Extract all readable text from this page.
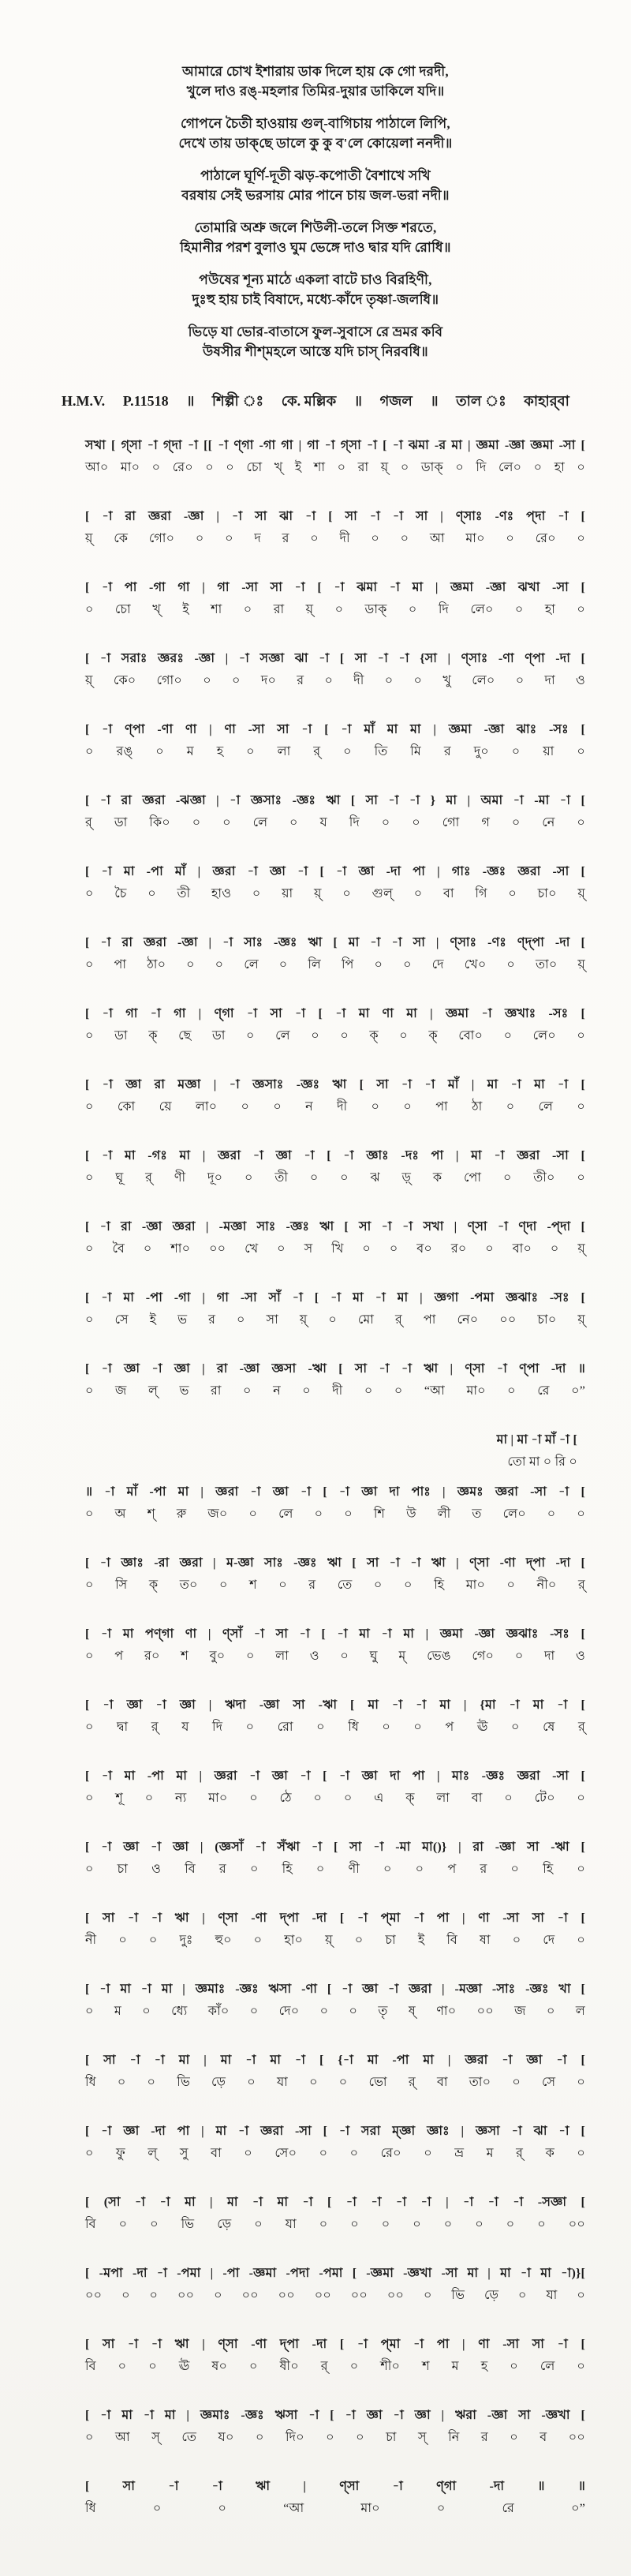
আমারে চোখ ইশারায় ডাক দিলে হায় কে গো দরদী,
খুলে দাও রঙ্‌-মহলার তিমির-দুয়ার ডাকিলে যদি॥
গোপনে চৈতী হাওয়ায় গুল্‌-বাগিচায় পাঠালে লিপি,
দেখে তায় ডাক্‌ছে ডালে কু কু ব'লে কোয়েলা ননদী॥
পাঠালে ঘূর্ণি-দূতী ঝড়-কপোতী বৈশাখে সখি
বরষায় সেই ভরসায় মোর পানে চায় জল-ভরা নদী॥
তোমারি অশ্রু জলে শিউলী-তলে সিক্ত শরতে,
হিমানীর পরশ বুলাও ঘুম ভেঙ্গে দাও দ্বার যদি রোধি॥
পউষের শূন্য মাঠে একলা বাটে চাও বিরহিণী,
দুঃহু হায় চাই বিষাদে, মধ্যে-কাঁদে তৃষ্ণা-জলধি॥
ভিড়ে যা ভোর-বাতাসে ফুল-সুবাসে রে ভ্রমর কবি
উষসীর শীশ্‌মহলে আস্তে যদি চাস্ নিরবধি॥
H.M.V. P.11518 ॥ শিল্পী ঃ কে. মল্লিক ॥ গজল ॥ তাল ঃ কাহার্‌বা
সখা [ গ্‌সা -া গ্‌দা -া [[ -া ণ্‌গা -গা গা | গা -া গ্‌সা -া [ -া ঝমা -র মা | জ্ঞমা -জ্ঞা জ্ঞমা -সা [
আ০ মা০ ০ রে০ ০ ০ চো খ্ ই শা ০ রা য়্ ০ ডাক্ ০ দি লে০ ০ হা ০
[ -া রা জ্ঞরা -জ্ঞা | -া সা ঝা -া [ সা -া -া সা | ণ্‌সাঃ -ণঃ প্‌দা -া [
য়্ কে গো০ ০ ০ দ র ০ দী ০ ০ আ মা০ ০ রে০ ০
[ -া পা -গা গা | গা -সা সা -া [ -া ঝমা -া মা | জ্ঞমা -জ্ঞা ঝখা -সা [
০ চো খ্ ই শা ০ রা য়্ ০ ডাক্ ০ দি লে০ ০ হা ০
[ -া সরাঃ জ্ঞরঃ -জ্ঞা | -া সজ্ঞা ঝা -া [ সা -া -া {সা | ণ্‌সাঃ -ণা ণ্‌পা -দা [
য়্ কে০ গো০ ০ ০ দ০ র ০ দী ০ ০ খু লে০ ০ দা ও
[ -া ণ্‌পা -ণা ণা | ণা -সা সা -া [ -া মাঁ মা মা | জ্ঞমা -জ্ঞা ঝাঃ -সঃ [
০ রঙ্ ০ ম হ ০ লা র্ ০ তি মি র দু০ ০ য়া ০
[ -া রা জ্ঞরা -ঝজ্ঞা | -া জ্ঞসাঃ -জ্ঞঃ ঋা [ সা -া -া } মা | অমা -া -মা -া [
র্ ডা কি০ ০ ০ লে ০ য দি ০ ০ গো গ ০ নে ০
[ -া মা -পা মাঁ | জ্ঞরা -া জ্ঞা -া [ -া জ্ঞা -দা পা | গাঃ -জ্ঞঃ জ্ঞরা -সা [
০ চৈ ০ তী হাও ০ য়া য়্ ০ গুল্ ০ বা গি ০ চা০ য়্
[ -া রা জ্ঞরা -জ্ঞা | -া সাঃ -জ্ঞঃ ঋা [ মা -া -া সা | ণ্‌সাঃ -ণঃ ণ্‌দ্‌পা -দা [
০ পা ঠা০ ০ ০ লে ০ লি পি ০ ০ দে খে০ ০ তা০ য়্
[ -া গা -া গা | ণ্‌গা -া সা -া [ -া মা ণা মা | জ্ঞমা -া জ্ঞখাঃ -সঃ [
০ ডা ক্ ছে ডা ০ লে ০ ০ ক্ ০ ক্ বো০ ০ লে০ ০
[ -া জ্ঞা রা মজ্ঞা | -া জ্ঞসাঃ -জ্ঞঃ ঋা [ সা -া -া মাঁ | মা -া মা -া [
০ কো য়ে লা০ ০ ০ ন দী ০ ০ পা ঠা ০ লে ০
[ -া মা -গঃ মা | জ্ঞরা -া জ্ঞা -া [ -া জ্ঞাঃ -দঃ পা | মা -া জ্ঞরা -সা [
০ ঘূ র্ ণী দূ০ ০ তী ০ ০ ঝ ড়্ ক পো ০ তী০ ০
[ -া রা -জ্ঞা জ্ঞরা | -মজ্ঞা সাঃ -জ্ঞঃ ঋা [ সা -া -া সখা | ণ্‌সা -া ণ্‌দা -প্‌দা [
০ বৈ ০ শা০ ০০ খে ০ স খি ০ ০ ব০ র০ ০ বা০ ০ য়্
[ -া মা -পা -গা | গা -সা সাঁ -া [ -া মা -া মা | জ্ঞগা -পমা জ্ঞঝাঃ -সঃ [
০ সে ই ভ র ০ সা য়্ ০ মো র্ পা নে০ ০০ চা০ য়্
[ -া জ্ঞা -া জ্ঞা | রা -জ্ঞা জ্ঞসা -ঋা [ সা -া -া ঋা | ণ্‌সা -া ণ্‌পা -দা ॥
০ জ ল্ ভ রা ০ ন ০ দী ০ ০ “আ মা০ ০ রে ০”
মা | মা -া মাঁ -া [
তো মা ০ রি ০
॥ -া মাঁ -পা মা | জ্ঞরা -া জ্ঞা -া [ -া জ্ঞা দা পাঃ | জ্ঞমঃ জ্ঞরা -সা -া [
০ অ শ্ রু জ০ ০ লে ০ ০ শি উ লী ত লে০ ০ ০
[ -া জ্ঞাঃ -রা জ্ঞরা | ম-জ্ঞা সাঃ -জ্ঞঃ ঋা [ সা -া -া ঋা | ণ্‌সা -ণা দ্‌পা -দা [
০ সি ক্ ত০ ০ শ ০ র তে ০ ০ হি মা০ ০ নী০ র্
[ -া মা পণ্‌গা ণা | ণ্‌সাঁ -া সা -া [ -া মা -া মা | জ্ঞমা -জ্ঞা জ্ঞঝাঃ -সঃ [
০ প র০ শ বু০ ০ লা ও ০ ঘু ম্ ভেঙ গে০ ০ দা ও
[ -া জ্ঞা -া জ্ঞা | ঋদা -জ্ঞা সা -ঋা [ মা -া -া মা | {মা -া মা -া [
০ দ্বা র্ য দি ০ রো ০ ধি ০ ০ প ঊ ০ ষে র্
[ -া মা -পা মা | জ্ঞরা -া জ্ঞা -া [ -া জ্ঞা দা পা | মাঃ -জ্ঞঃ জ্ঞরা -সা [
০ শূ ০ ন্য মা০ ০ ঠে ০ ০ এ ক্ লা বা ০ টে০ ০
[ -া জ্ঞা -া জ্ঞা | (জ্ঞসাঁ -া সঁঋা -া [ সা -া -মা মা()} | রা -জ্ঞা সা -ঋা [
০ চা ও বি র ০ হি ০ ণী ০ ০ প র ০ হি ০
[ সা -া -া ঋা | ণ্‌সা -ণা দ্‌পা -দা [ -া প্‌মা -া পা | ণা -সা সা -া [
নী ০ ০ দুঃ হু০ ০ হা০ য়্ ০ চা ই বি ষা ০ দে ০
[ -া মা -া মা | জ্ঞমাঃ -জ্ঞঃ ঋসা -ণা [ -া জ্ঞা -া জ্ঞরা | -মজ্ঞা -সাঃ -জ্ঞঃ খা [
০ ম ০ ধ্যে কাঁ০ ০ দে০ ০ ০ তৃ ষ্ ণা০ ০০ জ ০ ল
[ সা -া -া মা | মা -া মা -া [ {-া মা -পা মা | জ্ঞরা -া জ্ঞা -া [
ধি ০ ০ ভি ড়ে ০ যা ০ ০ ভো র্ বা তা০ ০ সে ০
[ -া জ্ঞা -দা পা | মা -া জ্ঞরা -সা [ -া সরা ম্‌জ্ঞা জ্ঞাঃ | জ্ঞসা -া ঝা -া [
০ ফু ল্ সু বা ০ সে০ ০ ০ রে০ ০ ভ্র ম র্ ক ০
[ (সা -া -া মা | মা -া মা -া [ -া -া -া -া | -া -া -া -সজ্ঞা [
বি ০ ০ ভি ড়ে ০ যা ০ ০ ০ ০ ০ ০ ০ ০ ০০
[ -মপা -দা -া -পমা | -পা -জ্ঞমা -পদা -পমা [ -জ্ঞমা -জ্ঞখা -সা মা | মা -া মা -া)}[
০০ ০ ০ ০০ ০ ০০ ০০ ০০ ০০ ০০ ০ ভি ড়ে ০ যা ০
[ সা -া -া ঋা | ণ্‌সা -ণা দ্‌পা -দা [ -া প্‌মা -া পা | ণা -সা সা -া [
বি ০ ০ ঊ ষ০ ০ ষী০ র্ ০ শী০ শ ম হ ০ লে ০
[ -া মা -া মা | জ্ঞমাঃ -জ্ঞঃ ঋসা -া [ -া জ্ঞা -া জ্ঞা | ঋরা -জ্ঞা সা -জ্ঞখা [
০ আ স্ তে য০ ০ দি০ ০ ০ চা স্ নি র ০ ব ০০
[ সা -া -া ঋা | ণ্‌সা -া ণ্‌গা -দা ॥ ॥
ধি ০ ০ “আ মা০ ০ রে ০”
